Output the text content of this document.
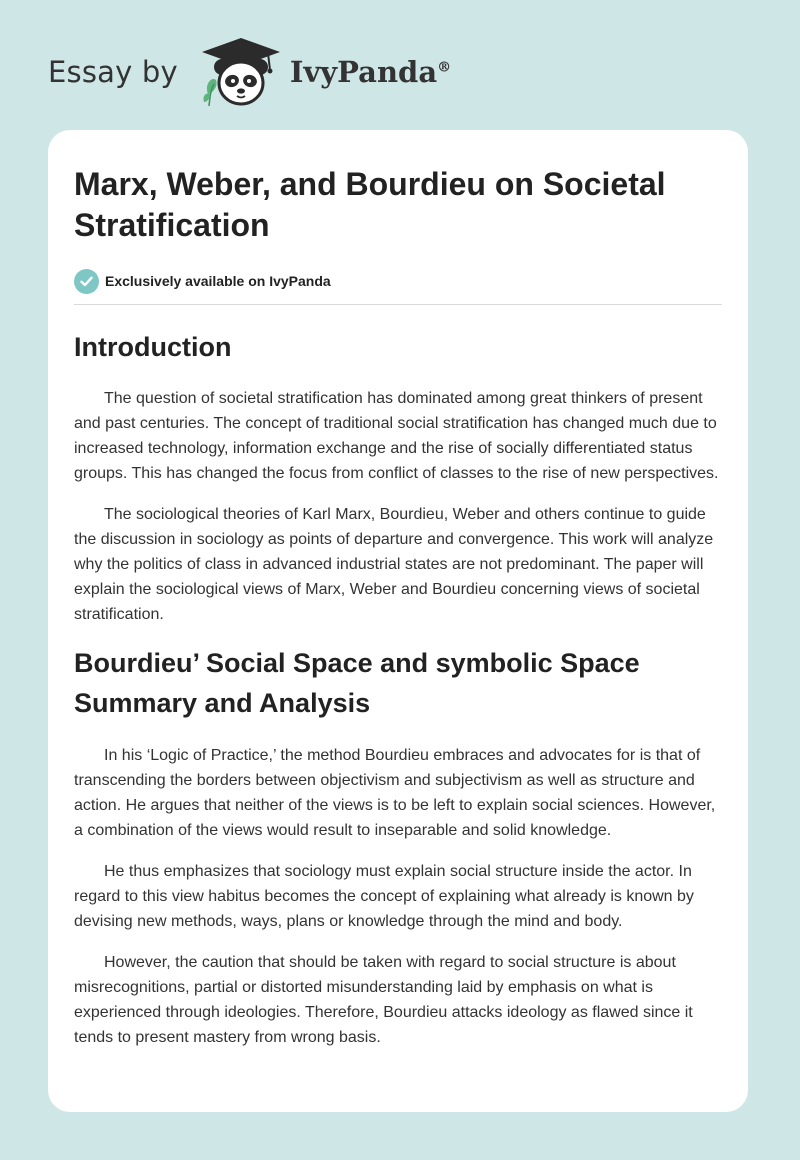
Essay by	IvyPanda®
Marx, Weber, and Bourdieu on Societal Stratification
Exclusively available on IvyPanda
Introduction

The question of societal stratification has dominated among great thinkers of present and past centuries. The concept of traditional social stratification has changed much due to increased technology, information exchange and the rise of socially differentiated status groups. This has changed the focus from conflict of classes to the rise of new perspectives.

The sociological theories of Karl Marx, Bourdieu, Weber and others continue to guide the discussion in sociology as points of departure and convergence. This work will analyze why the politics of class in advanced industrial states are not predominant. The paper will explain the sociological views of Marx, Weber and Bourdieu concerning views of societal stratification.

Bourdieu’ Social Space and symbolic Space Summary and Analysis

In his ‘Logic of Practice,’ the method Bourdieu embraces and advocates for is that of transcending the borders between objectivism and subjectivism as well as structure and action. He argues that neither of the views is to be left to explain social sciences. However, a combination of the views would result to inseparable and solid knowledge.

He thus emphasizes that sociology must explain social structure inside the actor. In regard to this view habitus becomes the concept of explaining what already is known by devising new methods, ways, plans or knowledge through the mind and body.

However, the caution that should be taken with regard to social structure is about misrecognitions, partial or distorted misunderstanding laid by emphasis on what is experienced through ideologies. Therefore, Bourdieu attacks ideology as flawed since it tends to present mastery from wrong basis.
